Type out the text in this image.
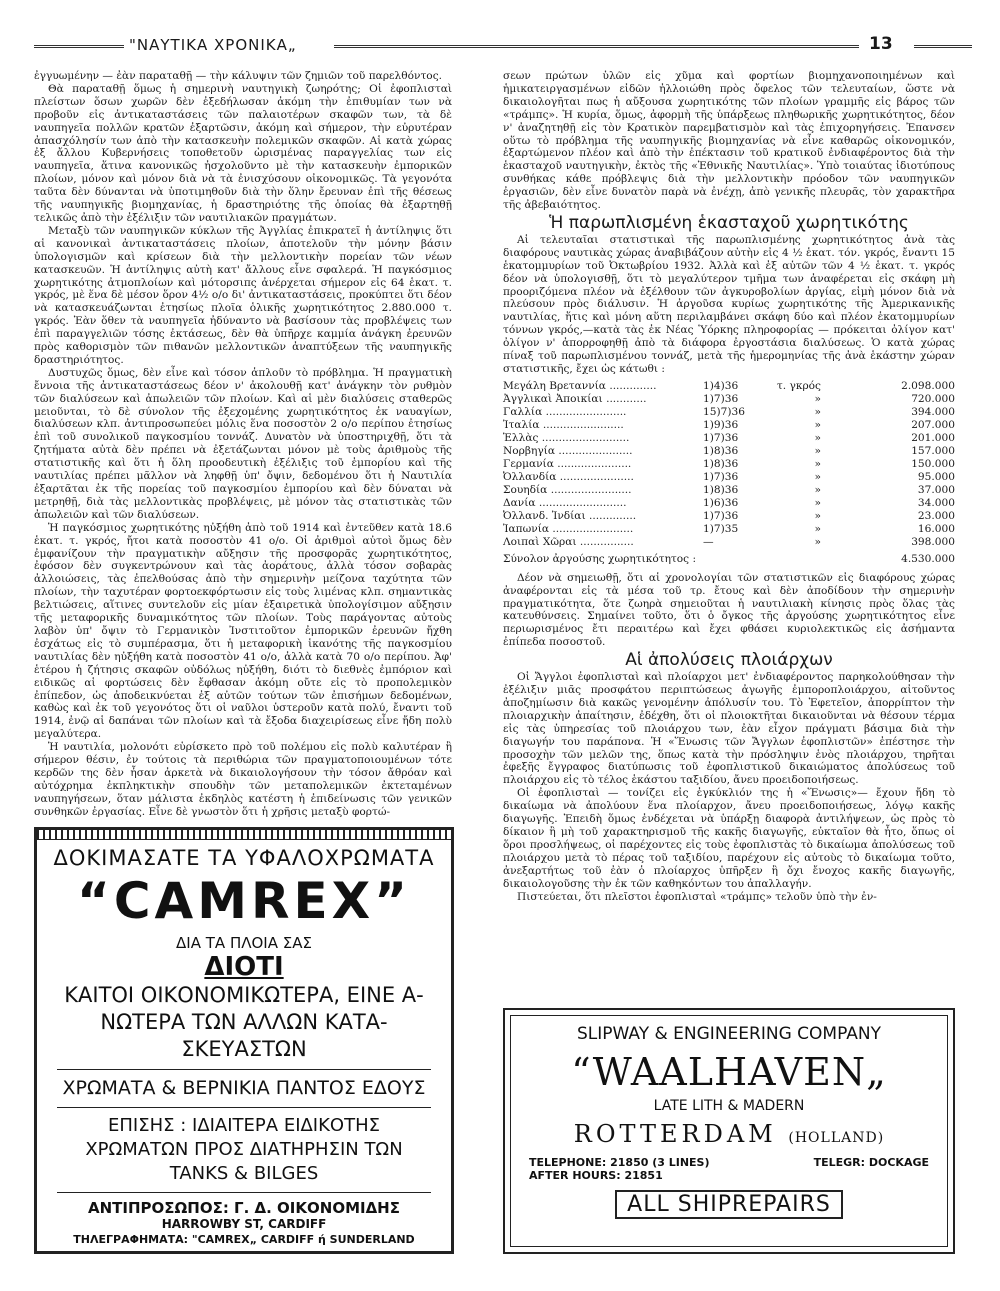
"ΝΑΥΤΙΚΑ ΧΡΟΝΙΚΑ„	13

ἐγγυωμένην — ἐὰν παραταθῇ — τὴν κάλυψιν τῶν ζημιῶν τοῦ παρελθόντος.

Θὰ παραταθῇ ὅμως ἡ σημερινὴ ναυτηγικὴ ζωηρότης; Οἱ ἐφοπλισταὶ πλείστων ὅσων χωρῶν δὲν ἐξεδήλωσαν ἀκόμη τὴν ἐπιθυμίαν των νὰ προβοῦν εἰς ἀντικαταστάσεις τῶν παλαιοτέρων σκαφῶν των, τὰ δὲ ναυπηγεῖα πολλῶν κρατῶν ἐξαρτῶσιν, ἀκόμη καὶ σήμερον, τὴν εὐρυτέραν ἀπασχόλησίν των ἀπὸ τὴν κατασκευὴν πολεμικῶν σκαφῶν. Αἱ κατὰ χώρας ἐξ ἄλλου Κυβερνήσεις τοποθετοῦν ὡρισμένας παραγγελίας των εἰς ναυπηγεῖα, ἅτινα κανονικῶς ἠσχολοῦντο μὲ τὴν κατασκευὴν ἐμπορικῶν πλοίων, μόνον καὶ μόνον διὰ νὰ τὰ ἐνισχύσουν οἰκονομικῶς. Τὰ γεγονότα ταῦτα δὲν δύνανται νὰ ὑποτιμηθοῦν διὰ τὴν ὅλην ἔρευναν ἐπὶ τῆς θέσεως τῆς ναυπηγικῆς βιομηχανίας, ἡ δραστηριότης τῆς ὁποίας θὰ ἐξαρτηθῇ τελικῶς ἀπὸ τὴν ἐξέλιξιν τῶν ναυτιλιακῶν πραγμάτων.

Μεταξὺ τῶν ναυπηγικῶν κύκλων τῆς Ἀγγλίας ἐπικρατεῖ ἡ ἀντίληψις ὅτι αἱ κανονικαὶ ἀντικαταστάσεις πλοίων, ἀποτελοῦν τὴν μόνην βάσιν ὑπολογισμῶν καὶ κρίσεων διὰ τὴν μελλοντικὴν πορείαν τῶν νέων κατασκευῶν. Ἡ ἀντίληψις αὐτὴ κατ' ἄλλους εἶνε σφαλερά. Ἡ παγκόσμιος χωρητικότης ἀτμοπλοίων καὶ μότορσιπς ἀνέρχεται σήμερον εἰς 64 ἑκατ. τ. γκρός, μὲ ἕνα δὲ μέσον ὅρον 4½ ο/ο δι' ἀντικαταστάσεις, προκύπτει ὅτι δέον νὰ κατασκευάζωνται ἐτησίως πλοῖα ὁλικῆς χωρητικότητος 2.880.000 τ. γκρός. Ἐὰν ὅθεν τὰ ναυπηγεῖα ἠδύναντο νὰ βασίσουν τὰς προβλέψεις των ἐπὶ παραγγελιῶν τόσης ἐκτάσεως, δὲν θὰ ὑπῆρχε καμμία ἀνάγκη ἐρευνῶν πρὸς καθορισμὸν τῶν πιθανῶν μελλοντικῶν ἀναπτύξεων τῆς ναυπηγικῆς δραστηριότητος.

Δυστυχῶς ὅμως, δὲν εἶνε καὶ τόσον ἁπλοῦν τὸ πρόβλημα. Ἡ πραγματικὴ ἔννοια τῆς ἀντικαταστάσεως δέον ν' ἀκολουθῇ κατ' ἀνάγκην τὸν ρυθμὸν τῶν διαλύσεων καὶ ἀπωλειῶν τῶν πλοίων. Καὶ αἱ μὲν διαλύσεις σταθερῶς μειοῦνται, τὸ δὲ σύνολον τῆς ἐξεχομένης χωρητικότητος ἐκ ναυαγίων, διαλύσεων κλπ. ἀντιπροσωπεύει μόλις ἕνα ποσοστὸν 2 ο/ο περίπου ἐτησίως ἐπὶ τοῦ συνολικοῦ παγκοσμίου τοννάζ. Δυνατὸν νὰ ὑποστηριχθῇ, ὅτι τὰ ζητήματα αὐτὰ δὲν πρέπει νὰ ἐξετάζωνται μόνον μὲ τοὺς ἀριθμοὺς τῆς στατιστικῆς καὶ ὅτι ἡ ὅλη προοδευτικὴ ἐξέλιξις τοῦ ἐμπορίου καὶ τῆς ναυτιλίας πρέπει μᾶλλον νὰ ληφθῇ ὑπ' ὄψιν, δεδομένου ὅτι ἡ Ναυτιλία ἐξαρτᾶται ἐκ τῆς πορείας τοῦ παγκοσμίου ἐμπορίου καὶ δὲν δύναται νὰ μετρηθῇ, διὰ τὰς μελλοντικὰς προβλέψεις, μὲ μόνον τὰς στατιστικὰς τῶν ἀπωλειῶν καὶ τῶν διαλύσεων.

Ἡ παγκόσμιος χωρητικότης ηὐξήθη ἀπὸ τοῦ 1914 καὶ ἐντεῦθεν κατὰ 18.6 ἑκατ. τ. γκρός, ἤτοι κατὰ ποσοστὸν 41 ο/ο. Οἱ ἀριθμοὶ αὐτοὶ ὅμως δὲν ἐμφανίζουν τὴν πραγματικὴν αὔξησιν τῆς προσφορᾶς χωρητικότητος, ἐφόσον δὲν συγκεντρώνουν καὶ τὰς ἀοράτους, ἀλλὰ τόσον σοβαρὰς ἀλλοιώσεις, τὰς ἐπελθούσας ἀπὸ τὴν σημερινὴν μείζονα ταχύτητα τῶν πλοίων, τὴν ταχυτέραν φορτοεκφόρτωσιν εἰς τοὺς λιμένας κλπ. σημαντικὰς βελτιώσεις, αἵτινες συντελοῦν εἰς μίαν ἐξαιρετικὰ ὑπολογίσιμον αὔξησιν τῆς μεταφορικῆς δυναμικότητος τῶν πλοίων. Τοὺς παράγοντας αὐτοὺς λαβὸν ὑπ' ὄψιν τὸ Γερμανικὸν Ἰνστιτοῦτον ἐμπορικῶν ἐρευνῶν ἤχθη ἐσχάτως εἰς τὸ συμπέρασμα, ὅτι ἡ μεταφορικὴ ἱκανότης τῆς παγκοσμίου ναυτιλίας δὲν ηὐξήθη κατὰ ποσοστὸν 41 ο/ο, ἀλλὰ κατὰ 70 ο/ο περίπου. Ἀφ' ἑτέρου ἡ ζήτησις σκαφῶν οὐδόλως ηὐξήθη, διότι τὸ διεθνὲς ἐμπόριον καὶ ειδικῶς αἱ φορτώσεις δὲν ἔφθασαν ἀκόμη οὔτε εἰς τὸ προπολεμικὸν ἐπίπεδον, ὡς ἀποδεικνύεται ἐξ αὐτῶν τούτων τῶν ἐπισήμων δεδομένων, καθὼς καὶ ἐκ τοῦ γεγονότος ὅτι οἱ ναῦλοι ὑστεροῦν κατὰ πολύ, ἔναντι τοῦ 1914, ἐνῷ αἱ δαπάναι τῶν πλοίων καὶ τὰ ἔξοδα διαχειρίσεως εἶνε ἤδη πολὺ μεγαλύτερα.

Ἡ ναυτιλία, μολονότι εὑρίσκετο πρὸ τοῦ πολέμου εἰς πολὺ καλυτέραν ἢ σήμερον θέσιν, ἐν τούτοις τὰ περιθώρια τῶν πραγματοποιουμένων τότε κερδῶν της δὲν ἦσαν ἀρκετὰ νὰ δικαιολογήσουν τὴν τόσον ἄθρόαν καὶ αὐτόχρημα ἐκπληκτικὴν σπουδὴν τῶν μεταπολεμικῶν ἐκτεταμένων ναυπηγήσεων, ὅταν μάλιστα ἐκδηλὸς κατέστη ἡ ἐπιδείνωσις τῶν γενικῶν συνθηκῶν ἐργασίας. Εἶνε δὲ γνωστὸν ὅτι ἡ χρῆσις μεταξὺ φορτώ-

σεων πρώτων ὑλῶν εἰς χῦμα καὶ φορτίων βιομηχανοποιημένων καὶ ἡμικατειργασμένων εἰδῶν ἠλλοιώθη πρὸς ὄφελος τῶν τελευταίων, ὥστε νὰ δικαιολογῆται πως ἡ αὔξουσα χωρητικότης τῶν πλοίων γραμμῆς εἰς βάρος τῶν «τράμπς». Ἡ κυρία, ὅμως, ἀφορμὴ τῆς ὑπάρξεως πληθωρικῆς χωρητικότητος, δέον ν' ἀναζητηθῇ εἰς τὸν Κρατικὸν παρεμβατισμὸν καὶ τὰς ἐπιχορηγήσεις. Ἐπανσεν οὕτω τὸ πρόβλημα τῆς ναυπηγικῆς βιομηχανίας νὰ εἶνε καθαρῶς οἰκονομικόν, ἐξαρτώμενον πλέον καὶ ἀπὸ τὴν ἐπέκτασιν τοῦ κρατικοῦ ἐνδιαφέροντος διὰ τὴν ἑκασταχοῦ ναυτηγικὴν, ἐκτὸς τῆς «Ἐθνικῆς Ναυτιλίας». Ὑπὸ τοιαύτας ἰδιοτύπους συνθήκας κάθε πρόβλεψις διὰ τὴν μελλοντικὴν πρόοδον τῶν ναυπηγικῶν ἐργασιῶν, δὲν εἶνε δυνατὸν παρὰ νὰ ἐνέχῃ, ἀπὸ γενικῆς πλευρᾶς, τὸν χαρακτῆρα τῆς ἀβεβαιότητος.

Ἡ παρωπλισμένη ἑκασταχοῦ χωρητικότης

Αἱ τελευταῖαι στατιστικαὶ τῆς παρωπλισμένης χωρητικότητος ἀνὰ τὰς διαφόρους ναυτικὰς χώρας ἀναβιβάζουν αὐτὴν εἰς 4 ½ ἑκατ. τόν. γκρός, ἔναντι 15 ἑκατομμυρίων τοῦ Ὀκτωβρίου 1932. Ἀλλὰ καὶ ἐξ αὐτῶν τῶν 4 ½ ἑκατ. τ. γκρός δέον νὰ ὑπολογισθῇ, ὅτι τὸ μεγαλύτερον τμῆμα των ἀναφέρεται εἰς σκάφη μὴ προοριζόμενα πλέον νὰ ἐξέλθουν τῶν ἀγκυροβολίων ἀργίας, εἰμὴ μόνον διὰ νὰ πλεύσουν πρὸς διάλυσιν. Ἡ ἀργοῦσα κυρίως χωρητικότης τῆς Ἀμερικανικῆς ναυτιλίας, ἥτις καὶ μόνη αὕτη περιλαμβάνει σκάφη δύο καὶ πλέον ἑκατομμυρίων τόννων γκρός,—κατὰ τὰς ἐκ Νέας Ὑόρκης πληροφορίας — πρόκειται ὀλίγον κατ' ὀλίγον ν' ἀπορροφηθῇ ἀπὸ τὰ διάφορα ἐργοστάσια διαλύσεως. Ὁ κατὰ χώρας πίναξ τοῦ παρωπλισμένου τοννάζ, μετὰ τῆς ἡμερομηνίας τῆς ἀνὰ ἑκάστην χώραν στατιστικῆς, ἔχει ὡς κάτωθι :

Μεγάλη Βρεταννία ..............	1)4)36	τ. γκρός	2.098.000
Ἀγγλικαὶ Ἀποικίαι ............	1)7)36	»	720.000
Γαλλία ........................	15)7)36	»	394.000
Ἰταλία ........................	1)9)36	»	207.000
Ἑλλὰς ..........................	1)7)36	»	201.000
Νορβηγία ......................	1)8)36	»	157.000
Γερμανία ......................	1)8)36	»	150.000
Ὀλλανδία ......................	1)7)36	»	95.000
Σουηδία ........................	1)8)36	»	37.000
Δανία ..........................	1)6)36	»	34.000
Ὀλλανδ. Ἰνδίαι ..............	1)7)36	»	23.000
Ἰαπωνία ........................	1)7)35	»	16.000
Λοιπαὶ Χῶραι ................	—	»	398.000
Σύνολον ἀργούσης χωρητικότητος :	4.530.000

Δέον νὰ σημειωθῇ, ὅτι αἱ χρονολογίαι τῶν στατιστικῶν εἰς διαφόρους χώρας ἀναφέρονται εἰς τὰ μέσα τοῦ τρ. ἔτους καὶ δὲν ἀποδίδουν τὴν σημερινὴν πραγματικότητα, ὅτε ζωηρὰ σημειοῦται ἡ ναυτιλιακὴ κίνησις πρὸς ὅλας τὰς κατευθύνσεις. Σημαίνει τοῦτο, ὅτι ὁ ὄγκος τῆς ἀργούσης χωρητικότητος εἶνε περιωρισμένος ἔτι περαιτέρω καὶ ἔχει φθάσει κυριολεκτικῶς εἰς ἀσήμαντα ἐπίπεδα ποσοστοῦ.

Αἱ ἀπολύσεις πλοιάρχων

Οἱ Ἄγγλοι ἐφοπλισταὶ καὶ πλοίαρχοι μετ' ἐνδιαφέροντος παρηκολούθησαν τὴν ἐξέλιξιν μιᾶς προσφάτου περιπτώσεως ἀγωγῆς ἐμποροπλοιάρχου, αἰτοῦντος ἀποζημίωσιν διὰ κακῶς γενομένην ἀπόλυσίν του. Τὸ Ἐφετεῖον, ἀπορρίπτον τὴν πλοιαρχικὴν ἀπαίτησιν, ἐδέχθη, ὅτι οἱ πλοιοκτῆται δικαιοῦνται νὰ θέσουν τέρμα εἰς τὰς ὑπηρεσίας τοῦ πλοιάρχου των, ἐὰν εἶχον πράγματι βάσιμα διὰ τὴν διαγωγήν του παράπονα. Ἡ «Ἕνωσις τῶν Ἄγγλων ἐφοπλιστῶν» ἐπέστησε τὴν προσοχὴν τῶν μελῶν της, ὅπως κατὰ τὴν πρόσληψιν ἑνὸς πλοιάρχου, τηρῆται ἐφεξῆς ἔγγραφος διατύπωσις τοῦ ἐφοπλιστικοῦ δικαιώματος ἀπολύσεως τοῦ πλοιάρχου εἰς τὸ τέλος ἑκάστου ταξιδίου, ἄνευ προειδοποιήσεως.

Οἱ ἐφοπλισταὶ — τονίζει εἰς ἐγκύκλιόν της ἡ «Ἕνωσις»— ἔχουν ἤδη τὸ δικαίωμα νὰ ἀπολύουν ἕνα πλοίαρχον, ἄνευ προειδοποιήσεως, λόγῳ κακῆς διαγωγῆς. Ἐπειδὴ ὅμως ἐνδέχεται νὰ ὑπάρξῃ διαφορὰ ἀντιλήψεων, ὡς πρὸς τὸ δίκαιον ἢ μὴ τοῦ χαρακτηρισμοῦ τῆς κακῆς διαγωγῆς, εὐκταῖον θὰ ἦτο, ὅπως οἱ ὅροι προσλήψεως, οἱ παρέχοντες εἰς τοὺς ἐφοπλιστὰς τὸ δικαίωμα ἀπολύσεως τοῦ πλοιάρχου μετὰ τὸ πέρας τοῦ ταξιδίου, παρέχουν εἰς αὐτοὺς τὸ δικαίωμα τοῦτο, ἀνεξαρτήτως τοῦ ἐὰν ὁ πλοίαρχος ὑπῆρξεν ἢ ὄχι ἔνοχος κακῆς διαγωγῆς, δικαιολογοῦσης τὴν ἐκ τῶν καθηκόντων του ἀπαλλαγήν.

Πιστεύεται, ὅτι πλεῖστοι ἐφοπλισταὶ «τράμπς» τελοῦν ὑπὸ τὴν ἐν-

ΔΟΚΙΜΑΣΑΤΕ ΤΑ ΥΦΑΛΟΧΡΩΜΑΤΑ
“CAMREX”
ΔΙΑ ΤΑ ΠΛΟΙΑ ΣΑΣ
ΔΙΟΤΙ
ΚΑΙΤΟΙ ΟΙΚΟΝΟΜΙΚΩΤΕΡΑ, ΕΙΝΕ Α-
ΝΩΤΕΡΑ ΤΩΝ ΑΛΛΩΝ ΚΑΤΑ-
ΣΚΕΥΑΣΤΩΝ
ΧΡΩΜΑΤΑ & ΒΕΡΝΙΚΙΑ ΠΑΝΤΟΣ ΕΔΟΥΣ
ΕΠΙΣΗΣ : ΙΔΙΑΙΤΕΡΑ ΕΙΔΙΚΟΤΗΣ
ΧΡΩΜΑΤΩΝ ΠΡΟΣ ΔΙΑΤΗΡΗΣΙΝ ΤΩΝ
TANKS & BILGES
ΑΝΤΙΠΡΟΣΩΠΟΣ: Γ. Δ. ΟΙΚΟΝΟΜΙΔΗΣ
HARROWBY ST, CARDIFF
ΤΗΛΕΓΡΑΦΗΜΑΤΑ: "CAMREX„ CARDIFF ή SUNDERLAND
SLIPWAY & ENGINEERING COMPANY
“WAALHAVEN„
LATE LITH & MADERN
ROTTERDAM (HOLLAND)
TELEPHONE: 21850 (3 LINES)
AFTER HOURS: 21851
TELEGR: DOCKAGE
ALL SHIPREPAIRS
